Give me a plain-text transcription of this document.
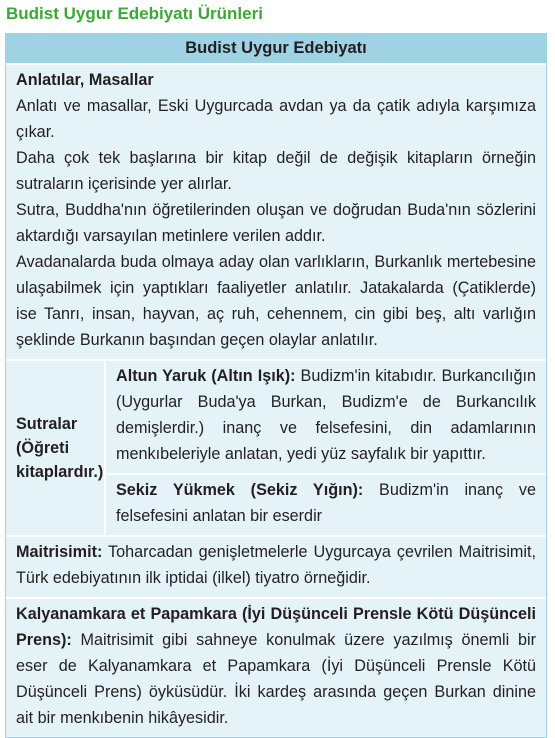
Budist Uygur Edebiyatı Ürünleri
Budist Uygur Edebiyatı
Anlatılar, Masallar

Anlatı ve masallar, Eski Uygurcada avdan ya da çatik adıyla karşımıza çıkar.

Daha çok tek başlarına bir kitap değil de değişik kitapların örneğin sutraların içerisinde yer alırlar.

Sutra, Buddha'nın öğretilerinden oluşan ve doğrudan Buda'nın sözlerini aktardığı varsayılan metinlere verilen addır.

Avadanalarda buda olmaya aday olan varlıkların, Burkanlık mertebesine ulaşabilmek için yaptıkları faaliyetler anlatılır. Jatakalarda (Çatiklerde) ise Tanrı, insan, hayvan, aç ruh, cehennem, cin gibi beş, altı varlığın şeklinde Burkanın başından geçen olaylar anlatılır.

Sutralar (Öğreti kitaplardır.)
Altun Yaruk (Altın Işık): Budizm'in kitabıdır. Burkancılığın (Uygurlar Buda'ya Burkan, Budizm'e de Burkancılık demişlerdir.) inanç ve felsefesini, din adamlarının menkıbeleriyle anlatan, yedi yüz sayfalık bir yapıttır.
Sekiz Yükmek (Sekiz Yığın): Budizm'in inanç ve felsefesini anlatan bir eserdir
Maitrisimit: Toharcadan genişletmelerle Uygurcaya çevrilen Maitrisimit, Türk edebiyatının ilk iptidai (ilkel) tiyatro örneğidir.
Kalyanamkara et Papamkara (İyi Düşünceli Prensle Kötü Düşünceli Prens): Maitrisimit gibi sahneye konulmak üzere yazılmış önemli bir eser de Kalyanamkara et Papamkara (İyi Düşünceli Prensle Kötü Düşünceli Prens) öyküsüdür. İki kardeş arasında geçen Burkan dinine ait bir menkıbenin hikâyesidir.
